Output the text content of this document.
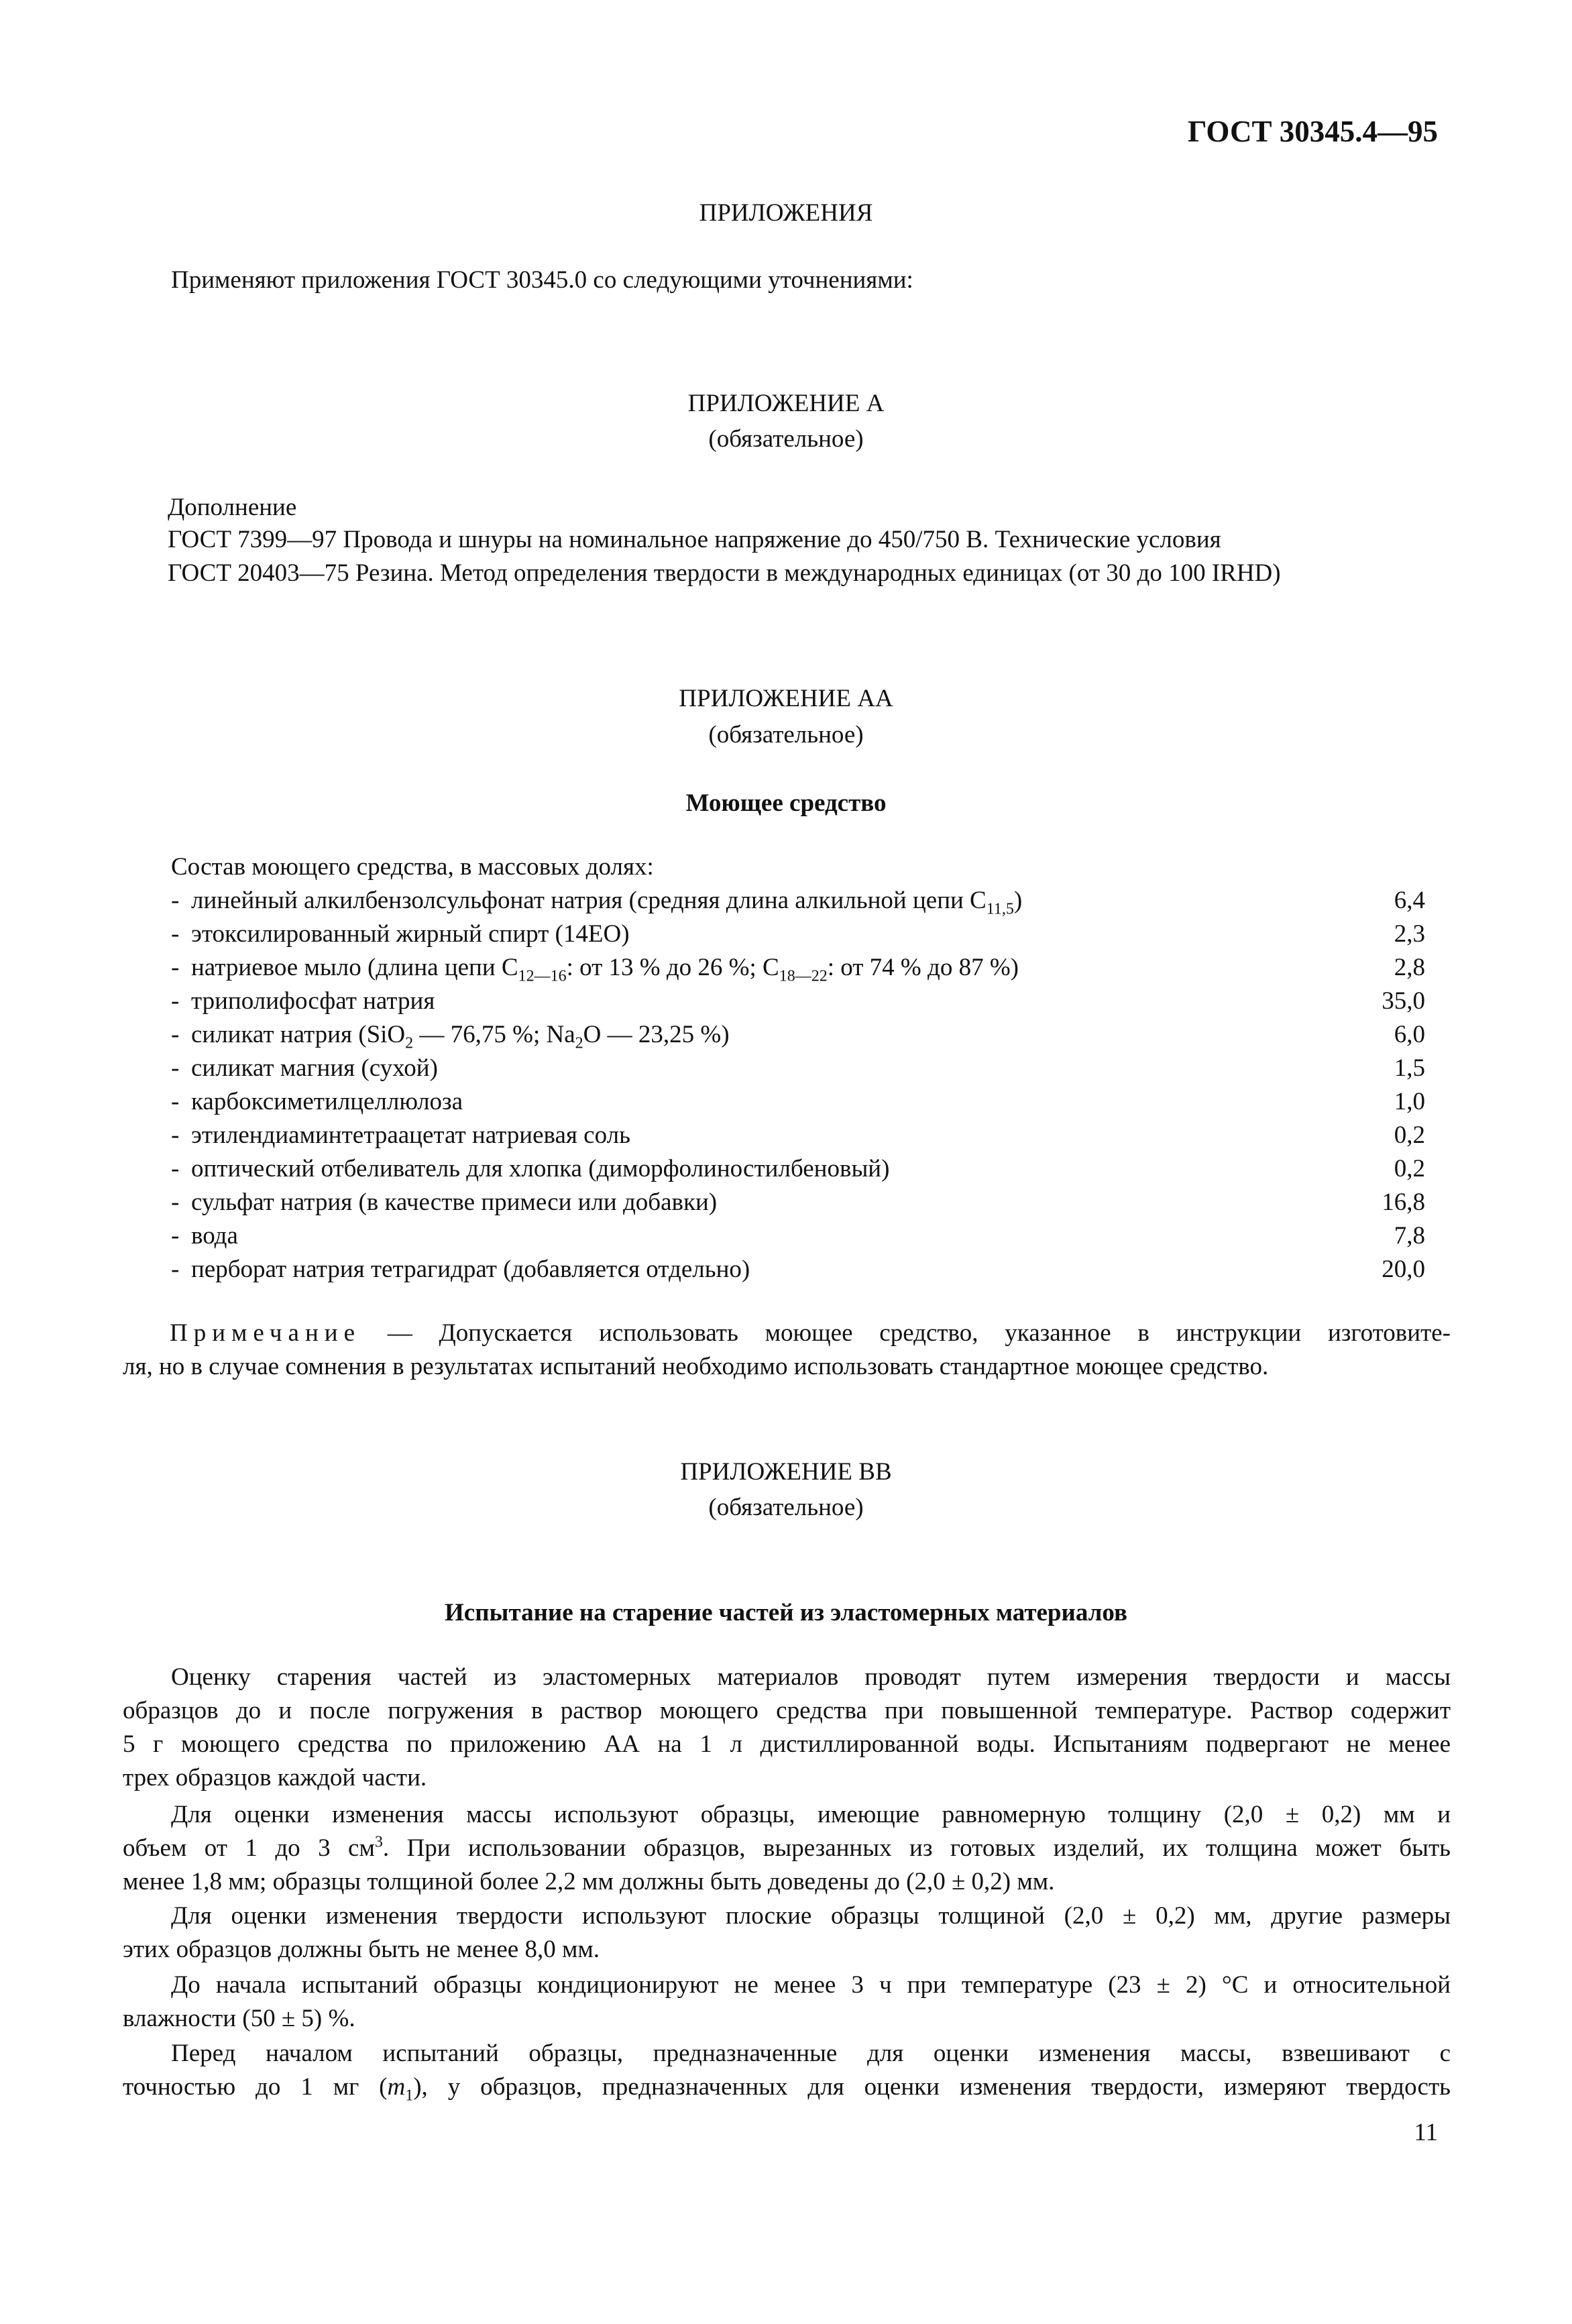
ГОСТ 30345.4—95
ПРИЛОЖЕНИЯ
Применяют приложения ГОСТ 30345.0 со следующими уточнениями:
ПРИЛОЖЕНИЕ А
(обязательное)
Дополнение
ГОСТ 7399—97 Провода и шнуры на номинальное напряжение до 450/750 В. Технические условия
ГОСТ 20403—75 Резина. Метод определения твердости в международных единицах (от 30 до 100 IRHD)
ПРИЛОЖЕНИЕ АА
(обязательное)
Моющее средство
Состав моющего средства, в массовых долях:
- линейный алкилбензолсульфонат натрия (средняя длина алкильной цепи $C_{11,5}$)	6,4
- этоксилированный жирный спирт (14EO)	2,3
- натриевое мыло (длина цепи $C_{12—16}$: от 13 % до 26 %; $C_{18—22}$: от 74 % до 87 %)	2,8
- триполифосфат натрия	35,0
- силикат натрия (SiO$_2$ — 76,75 %; $Na_2O$ — 23,25 %)	6,0
- силикат магния (сухой)	1,5
- карбоксиметилцеллюлоза	1,0
- этилендиаминтетраацетат натриевая соль	0,2
- оптический отбеливатель для хлопка (диморфолиностилбеновый)	0,2
- сульфат натрия (в качестве примеси или добавки)	16,8
- вода	7,8
- перборат натрия тетрагидрат (добавляется отдельно)	20,0
Примечание — Допускается использовать моющее средство, указанное в инструкции изготовите-
ля, но в случае сомнения в результатах испытаний необходимо использовать стандартное моющее средство.
ПРИЛОЖЕНИЕ ВВ
(обязательное)
Испытание на старение частей из эластомерных материалов
Оценку старения частей из эластомерных материалов проводят путем измерения твердости и массы
образцов до и после погружения в раствор моющего средства при повышенной температуре. Раствор содержит
5 г моющего средства по приложению АА на 1 л дистиллированной воды. Испытаниям подвергают не менее
трех образцов каждой части.
Для оценки изменения массы используют образцы, имеющие равномерную толщину (2,0 ± 0,2) мм и
объем от 1 до 3 $см^3$. При использовании образцов, вырезанных из готовых изделий, их толщина может быть
менее 1,8 мм; образцы толщиной более 2,2 мм должны быть доведены до (2,0 ± 0,2) мм.
Для оценки изменения твердости используют плоские образцы толщиной (2,0 ± 0,2) мм, другие размеры
этих образцов должны быть не менее 8,0 мм.
До начала испытаний образцы кондиционируют не менее 3 ч при температуре (23 ± 2) °С и относительной
влажности (50 ± 5) %.
Перед началом испытаний образцы, предназначенные для оценки изменения массы, взвешивают с
точностью до 1 мг $(m_1)$, у образцов, предназначенных для оценки изменения твердости, измеряют твердость
11
